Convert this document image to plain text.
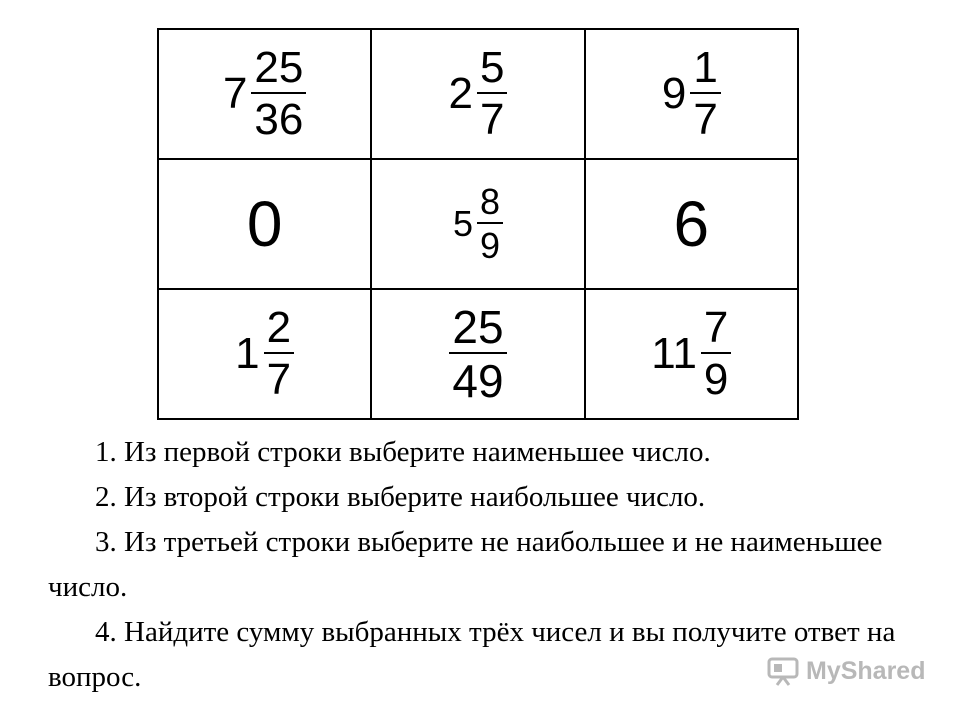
$7 \frac{25}{36}$	$2 \frac{5}{7}$	$9 \frac{1}{7}$

0	$5 \frac{8}{9}$	6

$1 \frac{2}{7}$	$\frac{25}{49}$	$11 \frac{7}{9}$

1. Из первой строки выберите наименьшее число.

2. Из второй строки выберите наибольшее число.

3. Из третьей строки выберите не наибольшее и не наименьшее число.

4. Найдите сумму выбранных трёх чисел и вы получите ответ на вопрос.	MyShared
